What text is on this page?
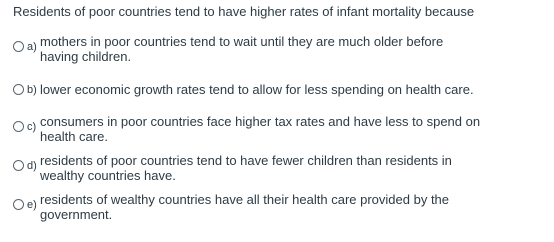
Residents of poor countries tend to have higher rates of infant mortality because
a) mothers in poor countries tend to wait until they are much older before
having children.
b) lower economic growth rates tend to allow for less spending on health care.
c) consumers in poor countries face higher tax rates and have less to spend on
health care.
d) residents of poor countries tend to have fewer children than residents in
wealthy countries have.
e) residents of wealthy countries have all their health care provided by the
government.
